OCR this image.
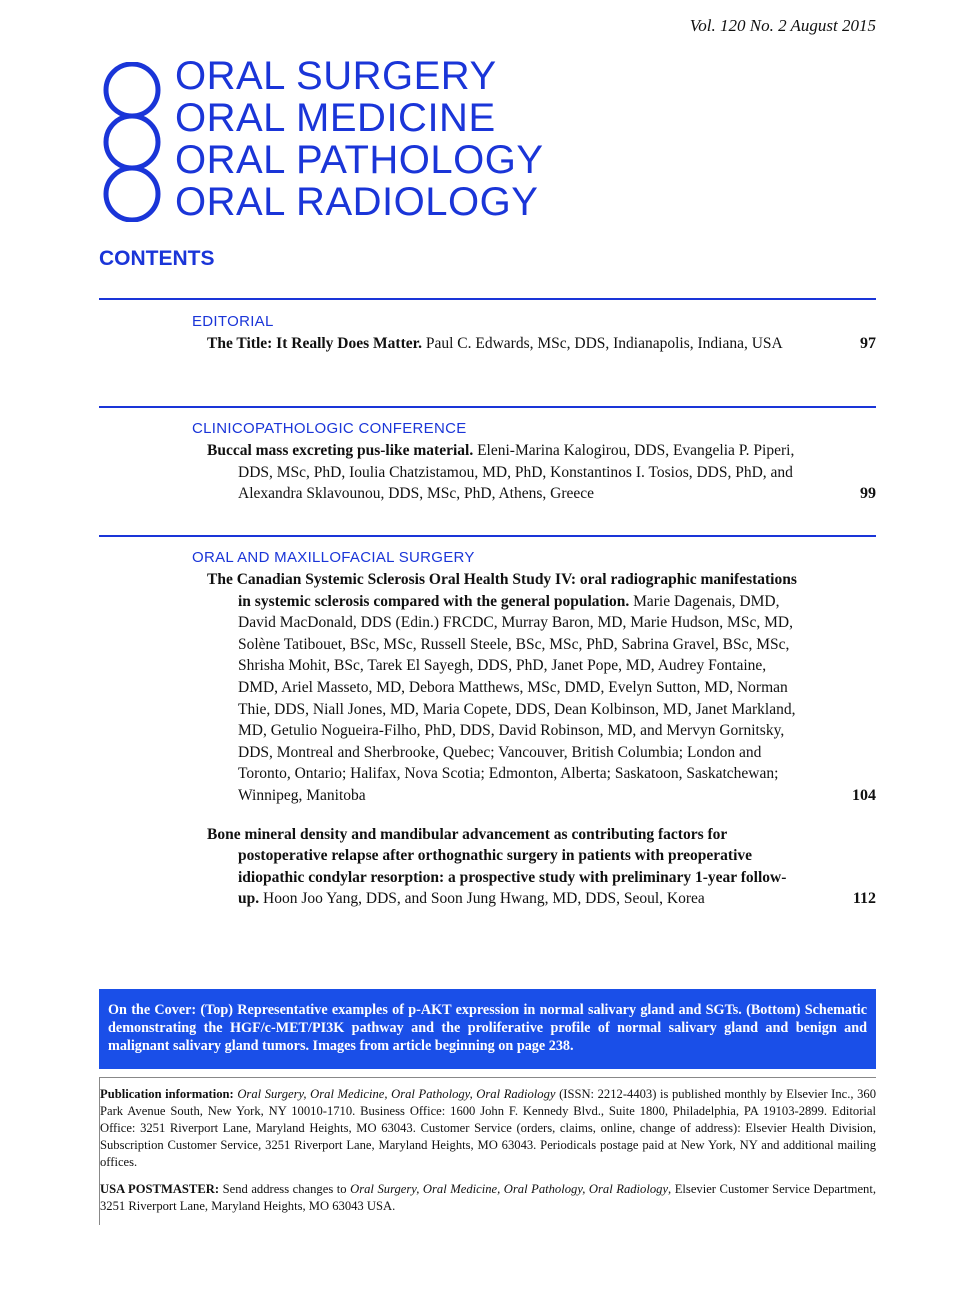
Vol. 120 No. 2 August 2015
ORAL SURGERY
ORAL MEDICINE
ORAL PATHOLOGY
ORAL RADIOLOGY
CONTENTS
EDITORIAL
The Title: It Really Does Matter. Paul C. Edwards, MSc, DDS, Indianapolis, Indiana, USA	97
CLINICOPATHOLOGIC CONFERENCE
Buccal mass excreting pus-like material. Eleni-Marina Kalogirou, DDS, Evangelia P. Piperi, DDS, MSc, PhD, Ioulia Chatzistamou, MD, PhD, Konstantinos I. Tosios, DDS, PhD, and Alexandra Sklavounou, DDS, MSc, PhD, Athens, Greece	99
ORAL AND MAXILLOFACIAL SURGERY
The Canadian Systemic Sclerosis Oral Health Study IV: oral radiographic manifestations in systemic sclerosis compared with the general population. Marie Dagenais, DMD, David MacDonald, DDS (Edin.) FRCDC, Murray Baron, MD, Marie Hudson, MSc, MD, Solène Tatibouet, BSc, MSc, Russell Steele, BSc, MSc, PhD, Sabrina Gravel, BSc, MSc, Shrisha Mohit, BSc, Tarek El Sayegh, DDS, PhD, Janet Pope, MD, Audrey Fontaine, DMD, Ariel Masseto, MD, Debora Matthews, MSc, DMD, Evelyn Sutton, MD, Norman Thie, DDS, Niall Jones, MD, Maria Copete, DDS, Dean Kolbinson, MD, Janet Markland, MD, Getulio Nogueira-Filho, PhD, DDS, David Robinson, MD, and Mervyn Gornitsky, DDS, Montreal and Sherbrooke, Quebec; Vancouver, British Columbia; London and Toronto, Ontario; Halifax, Nova Scotia; Edmonton, Alberta; Saskatoon, Saskatchewan; Winnipeg, Manitoba	104
Bone mineral density and mandibular advancement as contributing factors for postoperative relapse after orthognathic surgery in patients with preoperative idiopathic condylar resorption: a prospective study with preliminary 1-year follow-up. Hoon Joo Yang, DDS, and Soon Jung Hwang, MD, DDS, Seoul, Korea	112
On the Cover: (Top) Representative examples of p-AKT expression in normal salivary gland and SGTs. (Bottom) Schematic demonstrating the HGF/c-MET/PI3K pathway and the proliferative profile of normal salivary gland and benign and malignant salivary gland tumors. Images from article beginning on page 238.

Publication information: Oral Surgery, Oral Medicine, Oral Pathology, Oral Radiology (ISSN: 2212-4403) is published monthly by Elsevier Inc., 360 Park Avenue South, New York, NY 10010-1710. Business Office: 1600 John F. Kennedy Blvd., Suite 1800, Philadelphia, PA 19103-2899. Editorial Office: 3251 Riverport Lane, Maryland Heights, MO 63043. Customer Service (orders, claims, online, change of address): Elsevier Health Division, Subscription Customer Service, 3251 Riverport Lane, Maryland Heights, MO 63043. Periodicals postage paid at New York, NY and additional mailing offices.

USA POSTMASTER: Send address changes to Oral Surgery, Oral Medicine, Oral Pathology, Oral Radiology, Elsevier Customer Service Department, 3251 Riverport Lane, Maryland Heights, MO 63043 USA.
